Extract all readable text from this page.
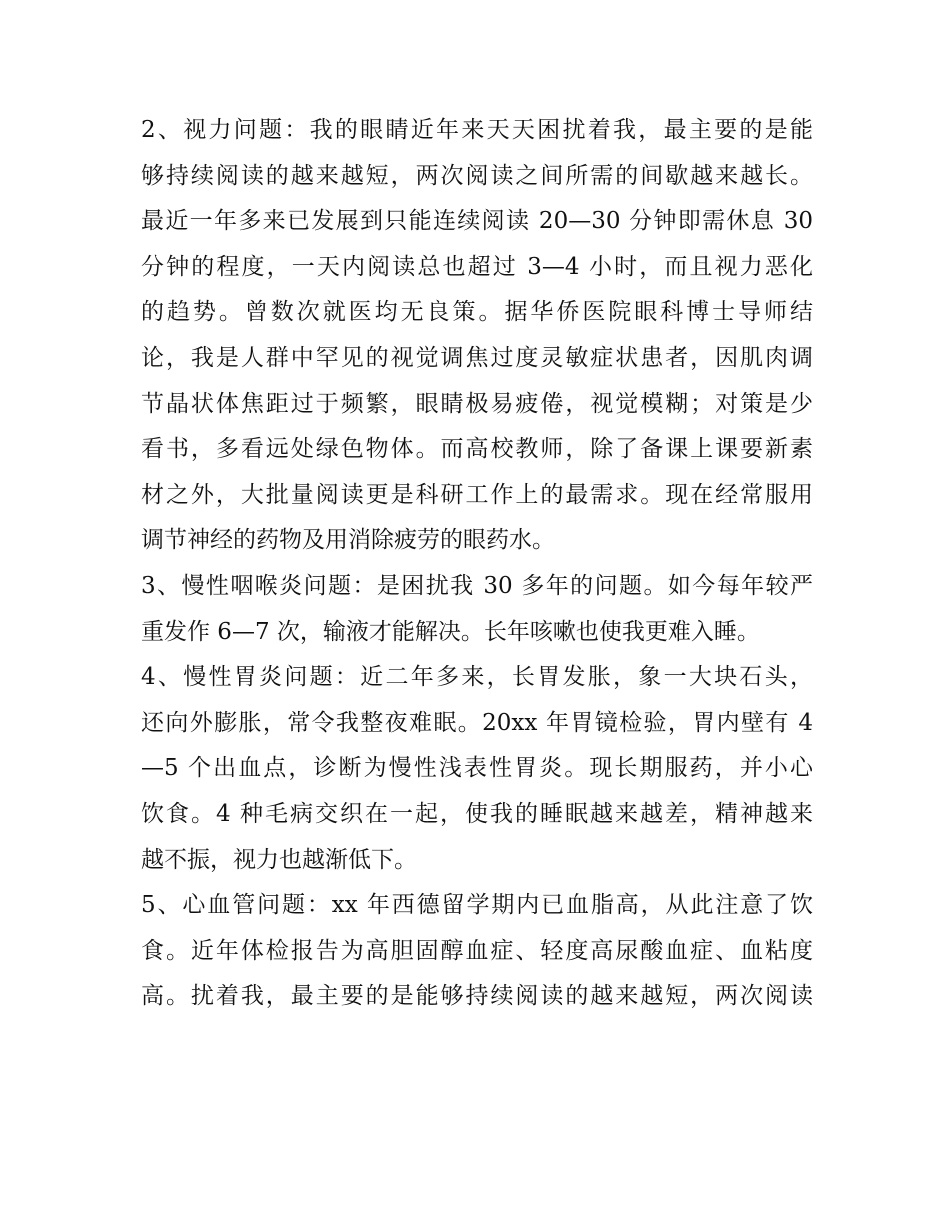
2、视力问题：我的眼睛近年来天天困扰着我，最主要的是能
够持续阅读的越来越短，两次阅读之间所需的间歇越来越长。
最近一年多来已发展到只能连续阅读 20—30 分钟即需休息 30
分钟的程度，一天内阅读总也超过 3—4 小时，而且视力恶化
的趋势。曾数次就医均无良策。据华侨医院眼科博士导师结
论，我是人群中罕见的视觉调焦过度灵敏症状患者，因肌肉调
节晶状体焦距过于频繁，眼睛极易疲倦，视觉模糊；对策是少
看书，多看远处绿色物体。而高校教师，除了备课上课要新素
材之外，大批量阅读更是科研工作上的最需求。现在经常服用
调节神经的药物及用消除疲劳的眼药水。

3、慢性咽喉炎问题：是困扰我 30 多年的问题。如今每年较严
重发作 6—7 次，输液才能解决。长年咳嗽也使我更难入睡。

4、慢性胃炎问题：近二年多来，长胃发胀，象一大块石头，
还向外膨胀，常令我整夜难眠。20xx 年胃镜检验，胃内壁有 4
—5 个出血点，诊断为慢性浅表性胃炎。现长期服药，并小心
饮食。4 种毛病交织在一起，使我的睡眠越来越差，精神越来
越不振，视力也越渐低下。

5、心血管问题：xx 年西德留学期内已血脂高，从此注意了饮
食。近年体检报告为高胆固醇血症、轻度高尿酸血症、血粘度
高。扰着我，最主要的是能够持续阅读的越来越短，两次阅读
